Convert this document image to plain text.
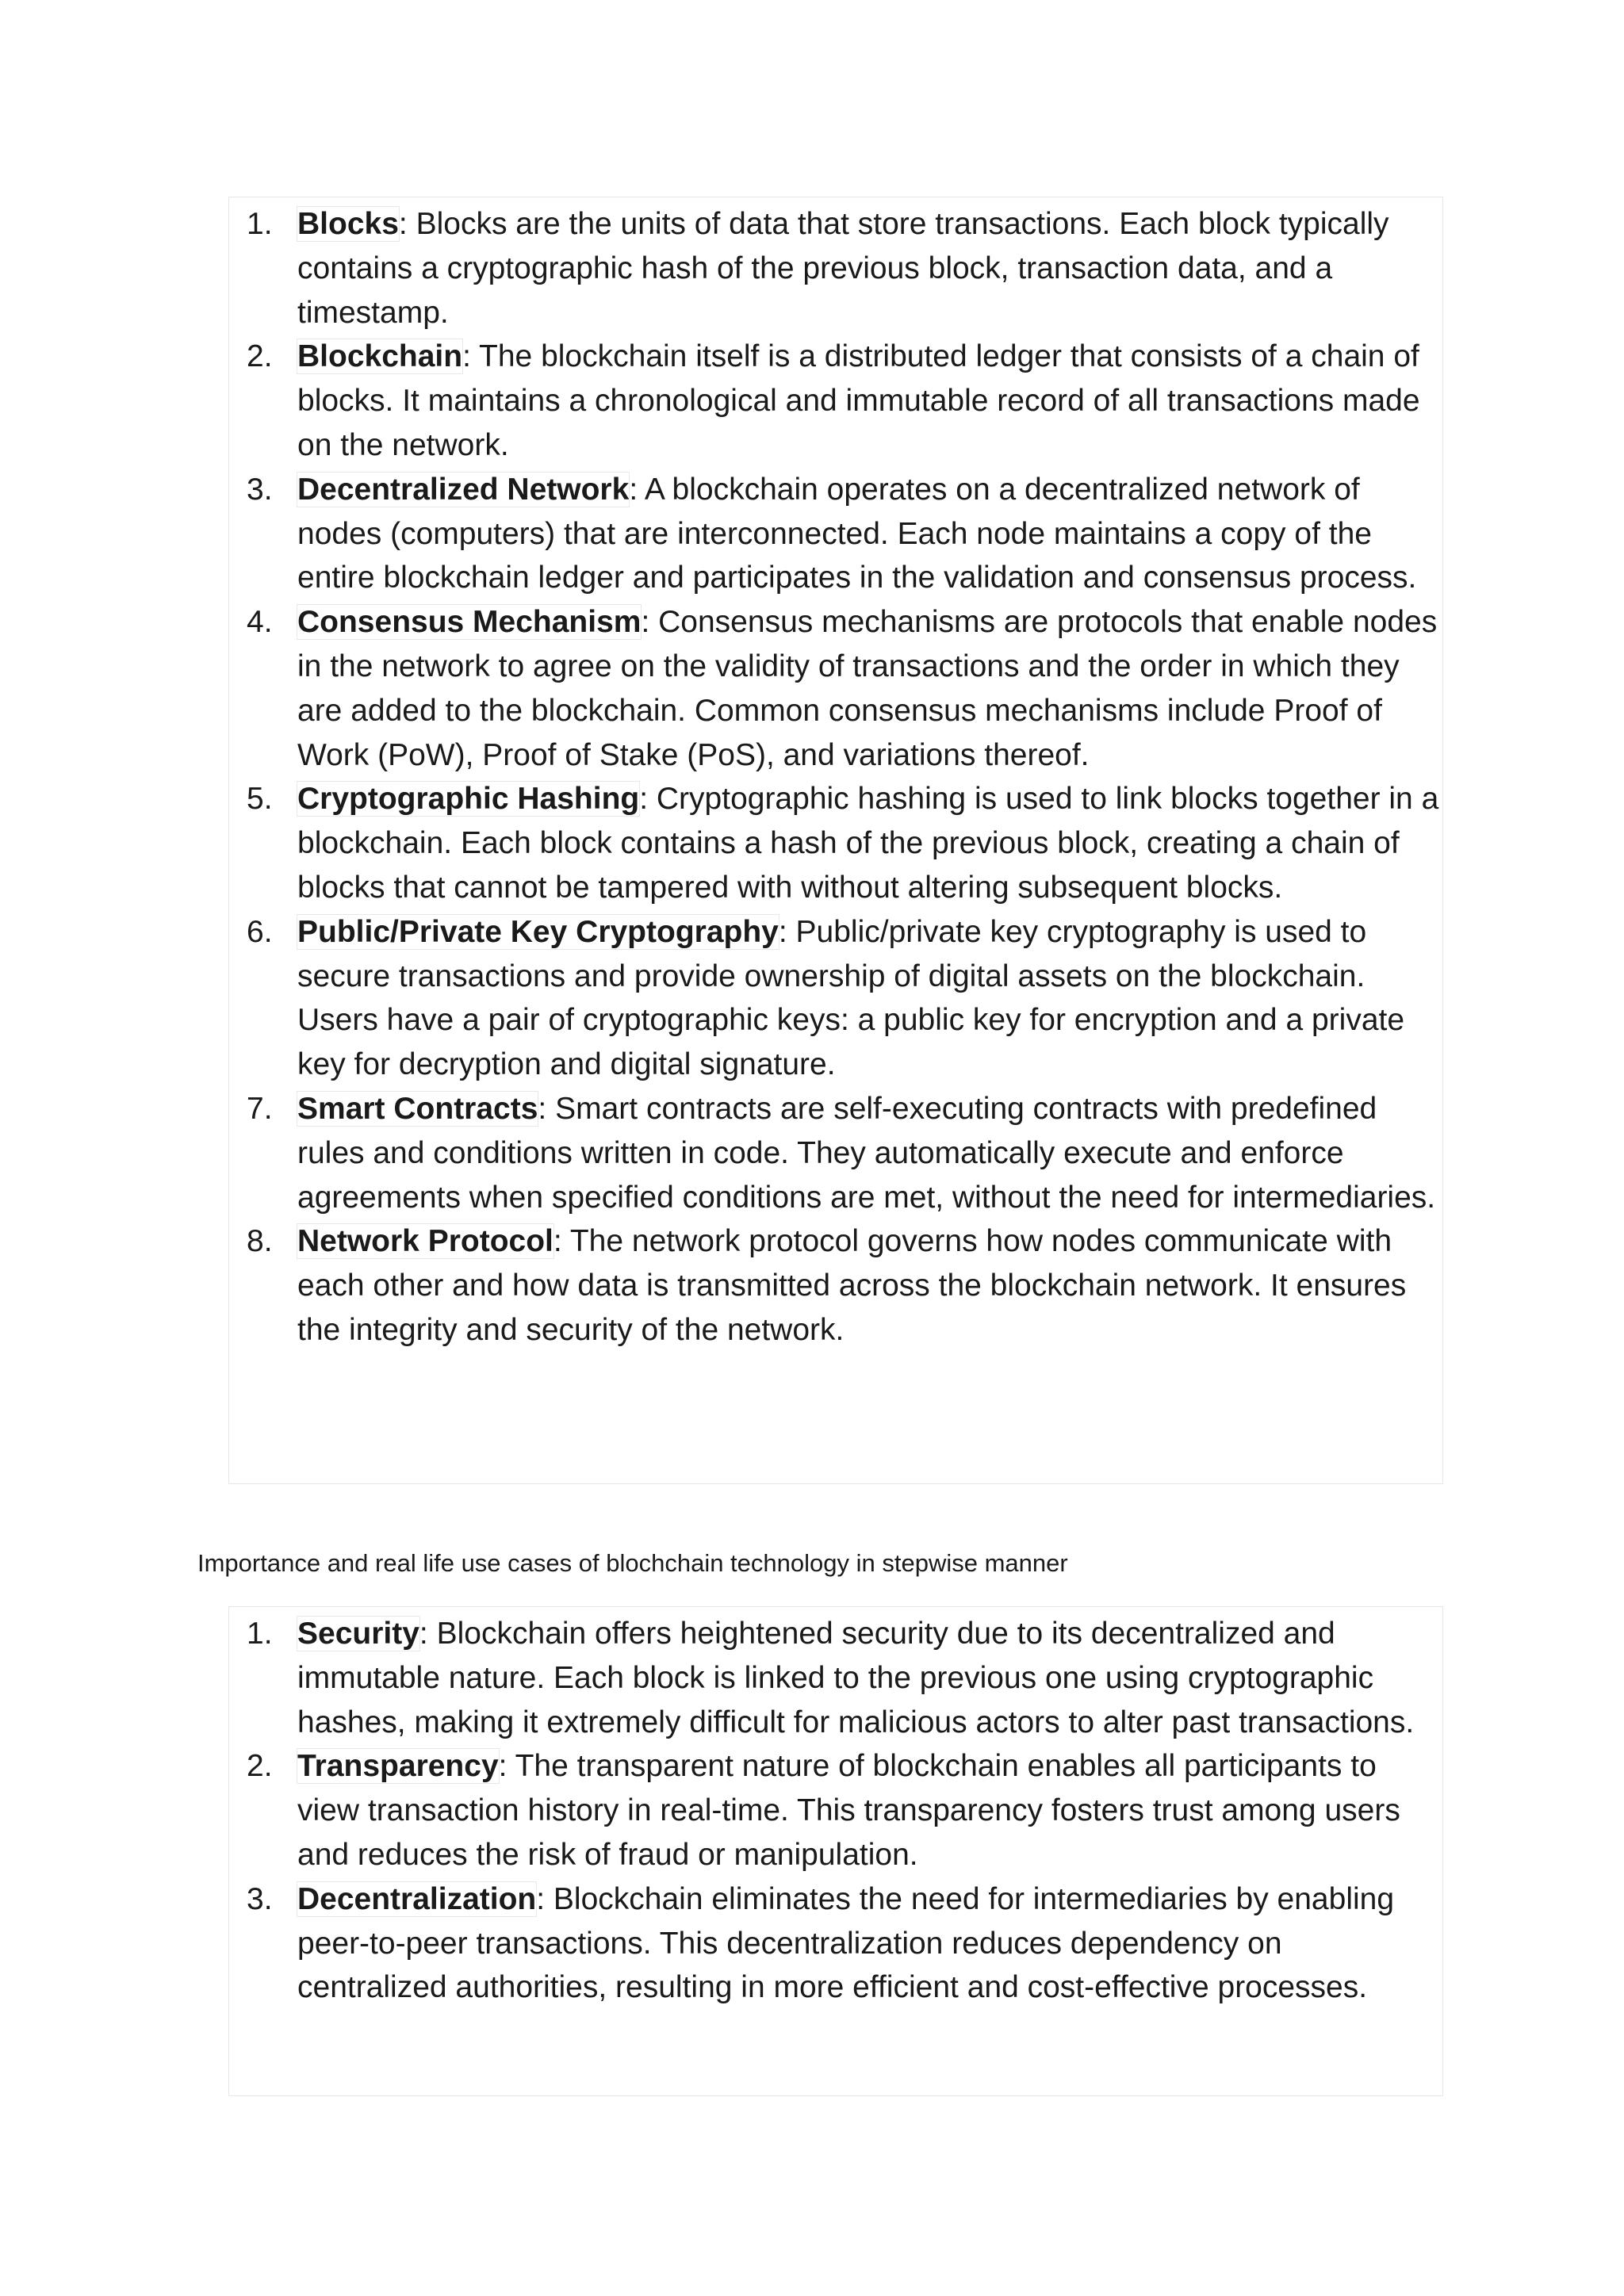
1. Blocks: Blocks are the units of data that store transactions. Each block typically contains a cryptographic hash of the previous block, transaction data, and a timestamp.
2. Blockchain: The blockchain itself is a distributed ledger that consists of a chain of blocks. It maintains a chronological and immutable record of all transactions made on the network.
3. Decentralized Network: A blockchain operates on a decentralized network of nodes (computers) that are interconnected. Each node maintains a copy of the entire blockchain ledger and participates in the validation and consensus process.
4. Consensus Mechanism: Consensus mechanisms are protocols that enable nodes in the network to agree on the validity of transactions and the order in which they are added to the blockchain. Common consensus mechanisms include Proof of Work (PoW), Proof of Stake (PoS), and variations thereof.
5. Cryptographic Hashing: Cryptographic hashing is used to link blocks together in a blockchain. Each block contains a hash of the previous block, creating a chain of blocks that cannot be tampered with without altering subsequent blocks.
6. Public/Private Key Cryptography: Public/private key cryptography is used to secure transactions and provide ownership of digital assets on the blockchain. Users have a pair of cryptographic keys: a public key for encryption and a private key for decryption and digital signature.
7. Smart Contracts: Smart contracts are self-executing contracts with predefined rules and conditions written in code. They automatically execute and enforce agreements when specified conditions are met, without the need for intermediaries.
8. Network Protocol: The network protocol governs how nodes communicate with each other and how data is transmitted across the blockchain network. It ensures the integrity and security of the network.
Importance and real life use cases of blochchain technology in stepwise manner
1. Security: Blockchain offers heightened security due to its decentralized and immutable nature. Each block is linked to the previous one using cryptographic hashes, making it extremely difficult for malicious actors to alter past transactions.
2. Transparency: The transparent nature of blockchain enables all participants to view transaction history in real-time. This transparency fosters trust among users and reduces the risk of fraud or manipulation.
3. Decentralization: Blockchain eliminates the need for intermediaries by enabling peer-to-peer transactions. This decentralization reduces dependency on centralized authorities, resulting in more efficient and cost-effective processes.
